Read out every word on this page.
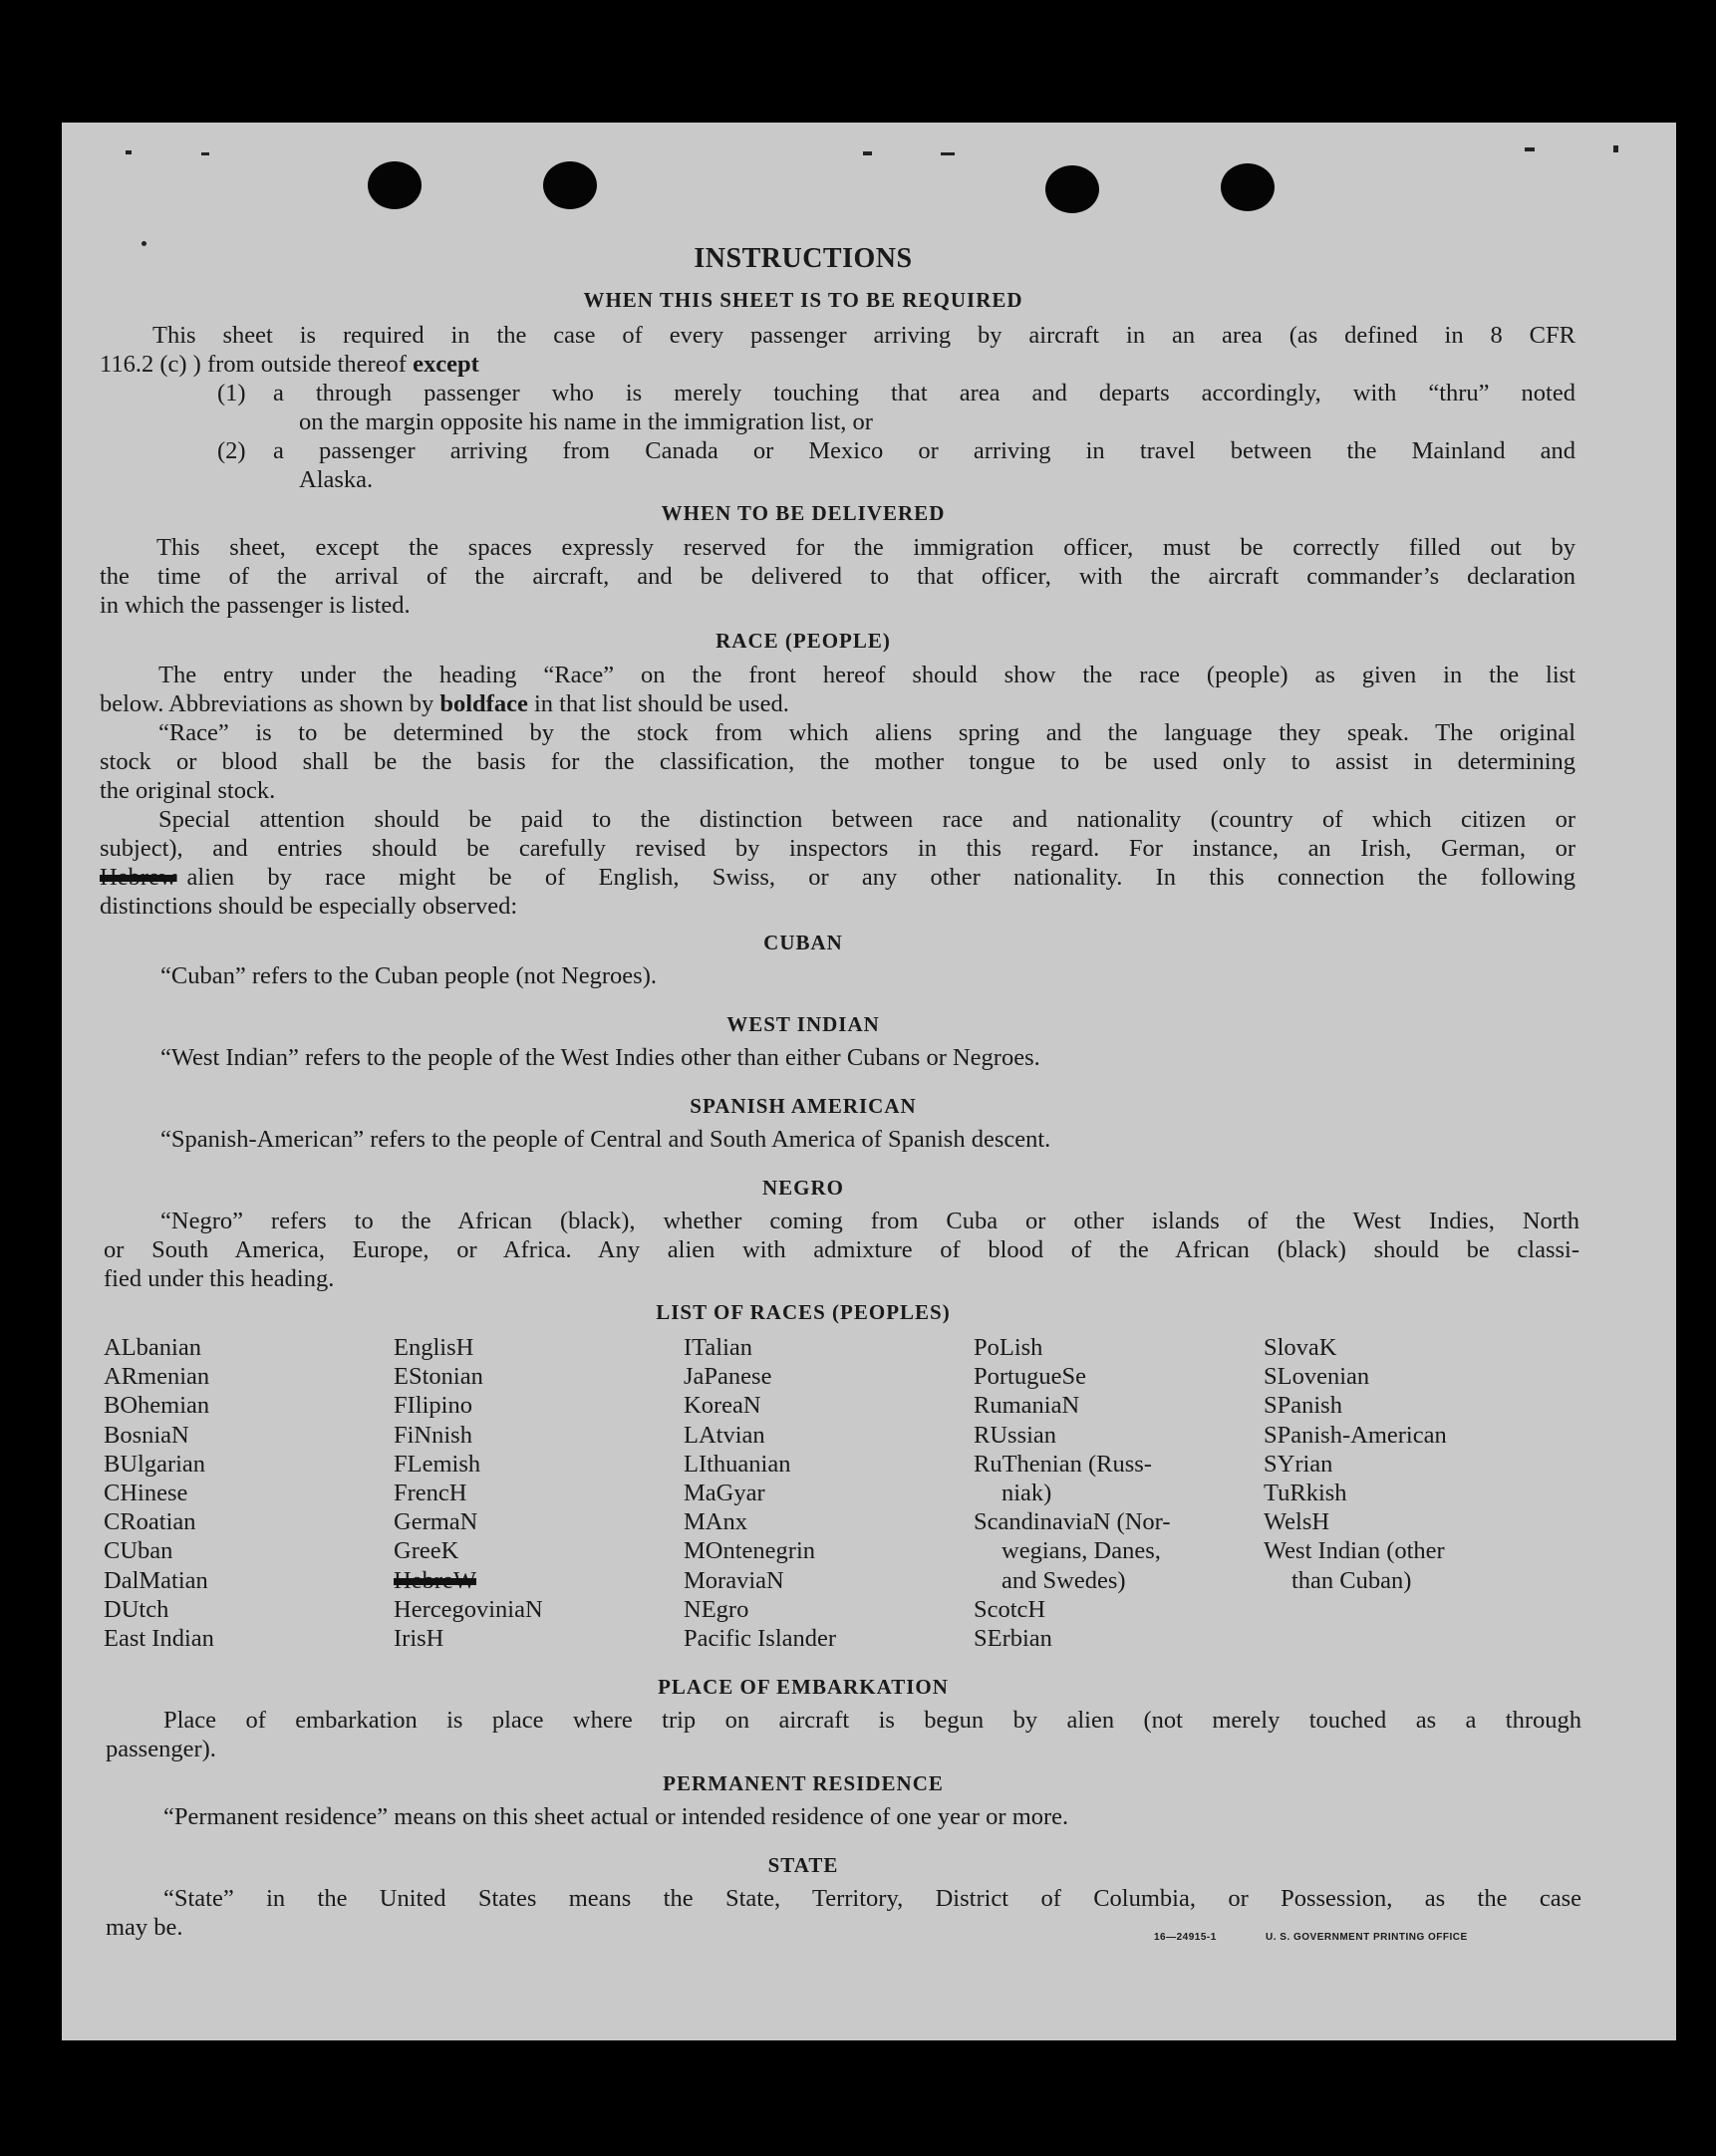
INSTRUCTIONS
WHEN THIS SHEET IS TO BE REQUIRED
This sheet is required in the case of every passenger arriving by aircraft in an area (as defined in 8 CFR
116.2 (c) ) from outside thereof except
(1) a through passenger who is merely touching that area and departs accordingly, with “thru” noted
on the margin opposite his name in the immigration list, or
(2) a passenger arriving from Canada or Mexico or arriving in travel between the Mainland and
Alaska.
WHEN TO BE DELIVERED
This sheet, except the spaces expressly reserved for the immigration officer, must be correctly filled out by
the time of the arrival of the aircraft, and be delivered to that officer, with the aircraft commander’s declaration
in which the passenger is listed.
RACE (PEOPLE)
The entry under the heading “Race” on the front hereof should show the race (people) as given in the list
below. Abbreviations as shown by boldface in that list should be used.
“Race” is to be determined by the stock from which aliens spring and the language they speak. The original
stock or blood shall be the basis for the classification, the mother tongue to be used only to assist in determining
the original stock.
Special attention should be paid to the distinction between race and nationality (country of which citizen or
subject), and entries should be carefully revised by inspectors in this regard. For instance, an Irish, German, or
Hebrew alien by race might be of English, Swiss, or any other nationality. In this connection the following
distinctions should be especially observed:
CUBAN
“Cuban” refers to the Cuban people (not Negroes).
WEST INDIAN
“West Indian” refers to the people of the West Indies other than either Cubans or Negroes.
SPANISH AMERICAN
“Spanish-American” refers to the people of Central and South America of Spanish descent.
NEGRO
“Negro” refers to the African (black), whether coming from Cuba or other islands of the West Indies, North
or South America, Europe, or Africa. Any alien with admixture of blood of the African (black) should be classi-
fied under this heading.
LIST OF RACES (PEOPLES)
ALbanian
ARmenian
BOhemian
BosniaN
BUlgarian
CHinese
CRoatian
CUban
DalMatian
DUtch
East Indian
EnglisH
EStonian
FIlipino
FiNnish
FLemish
FrencH
GermaN
GreeK
HebreW
HercegoviniaN
IrisH
ITalian
JaPanese
KoreaN
LAtvian
LIthuanian
MaGyar
MAnx
MOntenegrin
MoraviaN
NEgro
Pacific Islander
PoLish
PortugueSe
RumaniaN
RUssian
RuThenian (Russ-
niak)
ScandinaviaN (Nor-
wegians, Danes,
and Swedes)
ScotcH
SErbian
SlovaK
SLovenian
SPanish
SPanish-American
SYrian
TuRkish
WelsH
West Indian (other
than Cuban)
PLACE OF EMBARKATION
Place of embarkation is place where trip on aircraft is begun by alien (not merely touched as a through
passenger).
PERMANENT RESIDENCE
“Permanent residence” means on this sheet actual or intended residence of one year or more.
STATE
“State” in the United States means the State, Territory, District of Columbia, or Possession, as the case
may be.	16—24915-1	U. S. GOVERNMENT PRINTING OFFICE
